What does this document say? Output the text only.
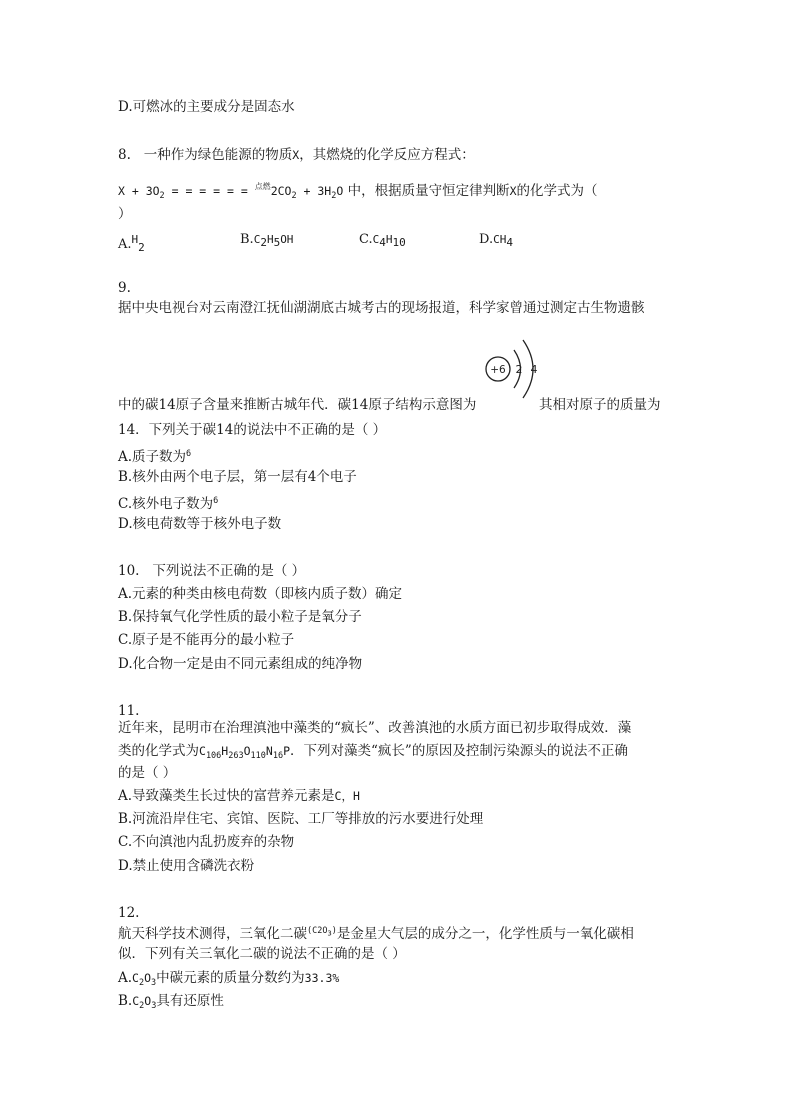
D.可燃冰的主要成分是固态水
8.   一种作为绿色能源的物质X，其燃烧的化学反应方程式：
$X + 3O_2$ = = = = = = $^{点燃}2CO_2 + 3H_2O$ 中，根据质量守恒定律判断X的化学式为（
）
A.$^H_2$
$B.C_2H_5OH$	$C.C_4H_{10}$	$D.CH_4$
9.
据中央电视台对云南澄江抚仙湖湖底古城考古的现场报道，科学家曾通过测定古生物遗骸
+6 2 4
中的碳14原子含量来推断古城年代．碳14原子结构示意图为	其相对原子的质量为
14．下列关于碳14的说法中不正确的是（ ）
A.质子数为$^6$
B.核外由两个电子层，第一层有4个电子
C.核外电子数为$^6$
D.核电荷数等于核外电子数
10.   下列说法不正确的是（ ）
A.元素的种类由核电荷数（即核内质子数）确定
B.保持氧气化学性质的最小粒子是氧分子
C.原子是不能再分的最小粒子
D.化合物一定是由不同元素组成的纯净物
11.
近年来，昆明市在治理滇池中藻类的“疯长”、改善滇池的水质方面已初步取得成效．藻
类的化学式为$C_{106}H_{263}O_{110}N_{16}P$．下列对藻类“疯长”的原因及控制污染源头的说法不正确
的是（ ）
A.导致藻类生长过快的富营养元素是C，H
B.河流沿岸住宅、宾馆、医院、工厂等排放的污水要进行处理
C.不向滇池内乱扔废弃的杂物
D.禁止使用含磷洗衣粉
12.
航天科学技术测得，三氧化二碳$^{(C2O_3)}$是金星大气层的成分之一，化学性质与一氧化碳相
似．下列有关三氧化二碳的说法不正确的是（ ）
$A.C_2O_3$中碳元素的质量分数约为33.3%
$B.C_2O_3$具有还原性
